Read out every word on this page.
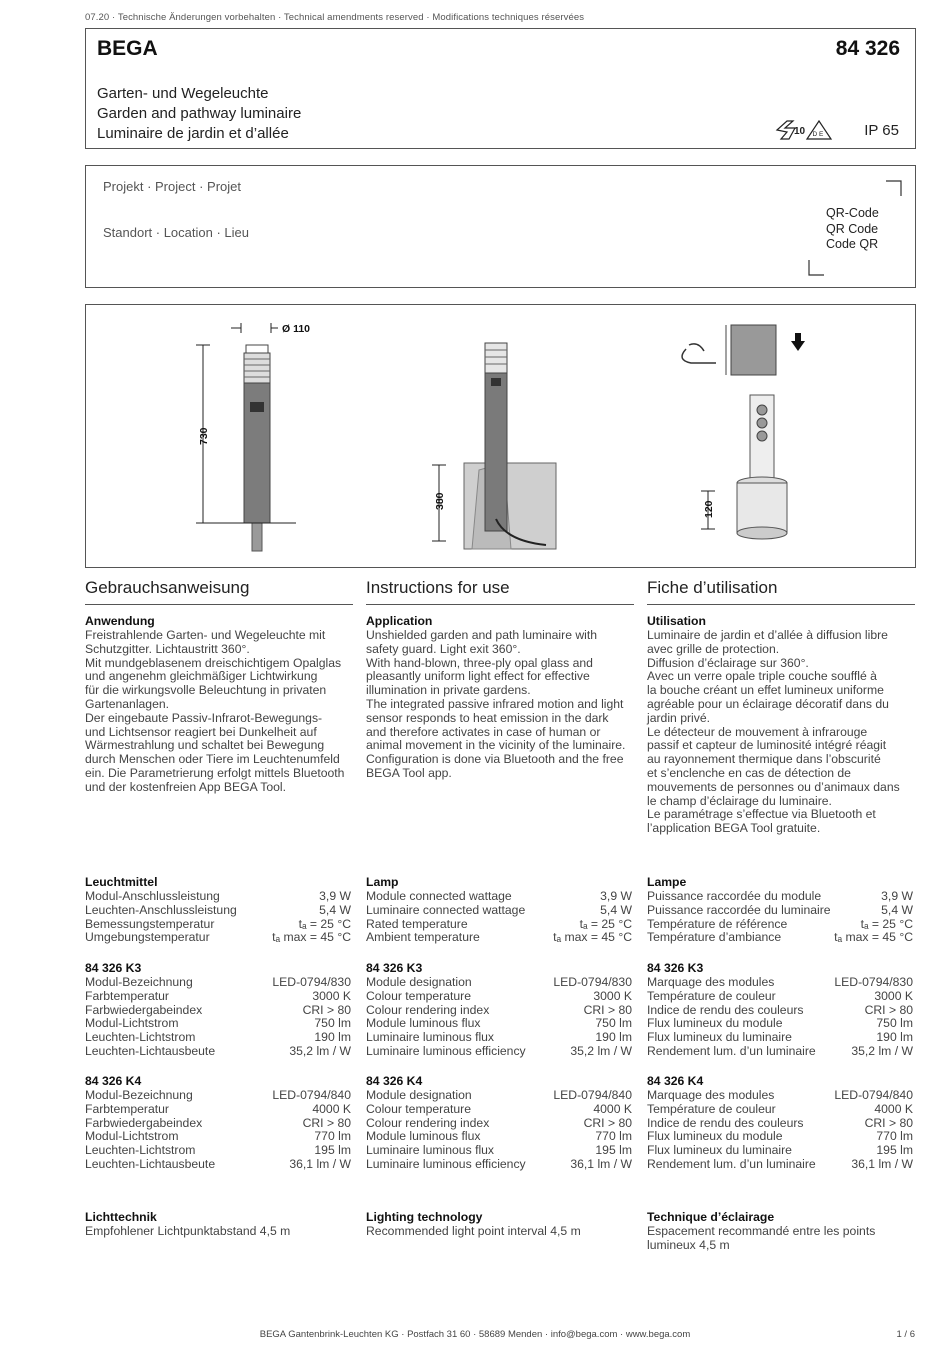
07.20 · Technische Änderungen vorbehalten · Technical amendments reserved · Modifications techniques réservées
BEGA	84 326
Garten- und Wegeleuchte
Garden and pathway luminaire
Luminaire de jardin et d’allée	10 D E	IP 65
Projekt · Project · Projet
Standort · Location · Lieu
QR-Code
QR Code
Code QR
Ø 110
730
380	120
Gebrauchsanweisung
Anwendung
Freistrahlende Garten- und Wegeleuchte mit
Schutzgitter. Lichtaustritt 360°.
Mit mundgeblasenem dreischichtigem Opalglas
und angenehm gleichmäßiger Lichtwirkung
für die wirkungsvolle Beleuchtung in privaten
Gartenanlagen.
Der eingebaute Passiv-Infrarot-Bewegungs-
und Lichtsensor reagiert bei Dunkelheit auf
Wärmestrahlung und schaltet bei Bewegung
durch Menschen oder Tiere im Leuchtenumfeld
ein. Die Parametrierung erfolgt mittels Bluetooth
und der kostenfreien App BEGA Tool.
Leuchtmittel
Modul-Anschlussleistung	3,9 W
Leuchten-Anschlussleistung	5,4 W
Bemessungstemperatur	tₐ = 25 °C
Umgebungstemperatur	tₐ max = 45 °C
84 326 K3
Modul-Bezeichnung	LED-0794/830
Farbtemperatur	3000 K
Farbwiedergabeindex	CRI > 80
Modul-Lichtstrom	750 lm
Leuchten-Lichtstrom	190 lm
Leuchten-Lichtausbeute	35,2 lm / W
84 326 K4
Modul-Bezeichnung	LED-0794/840
Farbtemperatur	4000 K
Farbwiedergabeindex	CRI > 80
Modul-Lichtstrom	770 lm
Leuchten-Lichtstrom	195 lm
Leuchten-Lichtausbeute	36,1 lm / W
Lichttechnik
Empfohlener Lichtpunktabstand 4,5 m
Instructions for use
Application
Unshielded garden and path luminaire with
safety guard. Light exit 360°.
With hand-blown, three-ply opal glass and
pleasantly uniform light effect for effective
illumination in private gardens.
The integrated passive infrared motion and light
sensor responds to heat emission in the dark
and therefore activates in case of human or
animal movement in the vicinity of the luminaire.
Configuration is done via Bluetooth and the free
BEGA Tool app.
Lamp
Module connected wattage	3,9 W
Luminaire connected wattage	5,4 W
Rated temperature	tₐ = 25 °C
Ambient temperature	tₐ max = 45 °C
84 326 K3
Module designation	LED-0794/830
Colour temperature	3000 K
Colour rendering index	CRI > 80
Module luminous flux	750 lm
Luminaire luminous flux	190 lm
Luminaire luminous efficiency	35,2 lm / W
84 326 K4
Module designation	LED-0794/840
Colour temperature	4000 K
Colour rendering index	CRI > 80
Module luminous flux	770 lm
Luminaire luminous flux	195 lm
Luminaire luminous efficiency	36,1 lm / W
Lighting technology
Recommended light point interval 4,5 m
Fiche d’utilisation
Utilisation
Luminaire de jardin et d’allée à diffusion libre
avec grille de protection.
Diffusion d’éclairage sur 360°.
Avec un verre opale triple couche soufflé à
la bouche créant un effet lumineux uniforme
agréable pour un éclairage décoratif dans du
jardin privé.
Le détecteur de mouvement à infrarouge
passif et capteur de luminosité intégré réagit
au rayonnement thermique dans l’obscurité
et s’enclenche en cas de détection de
mouvements de personnes ou d’animaux dans
le champ d’éclairage du luminaire.
Le paramétrage s’effectue via Bluetooth et
l’application BEGA Tool gratuite.
Lampe
Puissance raccordée du module	3,9 W
Puissance raccordée du luminaire	5,4 W
Température de référence	tₐ = 25 °C
Température d’ambiance	tₐ max = 45 °C
84 326 K3
Marquage des modules	LED-0794/830
Température de couleur	3000 K
Indice de rendu des couleurs	CRI > 80
Flux lumineux du module	750 lm
Flux lumineux du luminaire	190 lm
Rendement lum. d’un luminaire	35,2 lm / W
84 326 K4
Marquage des modules	LED-0794/840
Température de couleur	4000 K
Indice de rendu des couleurs	CRI > 80
Flux lumineux du module	770 lm
Flux lumineux du luminaire	195 lm
Rendement lum. d’un luminaire	36,1 lm / W
Technique d’éclairage
Espacement recommandé entre les points
lumineux 4,5 m
BEGA Gantenbrink-Leuchten KG · Postfach 31 60 · 58689 Menden · info@bega.com · www.bega.com	1 / 6
